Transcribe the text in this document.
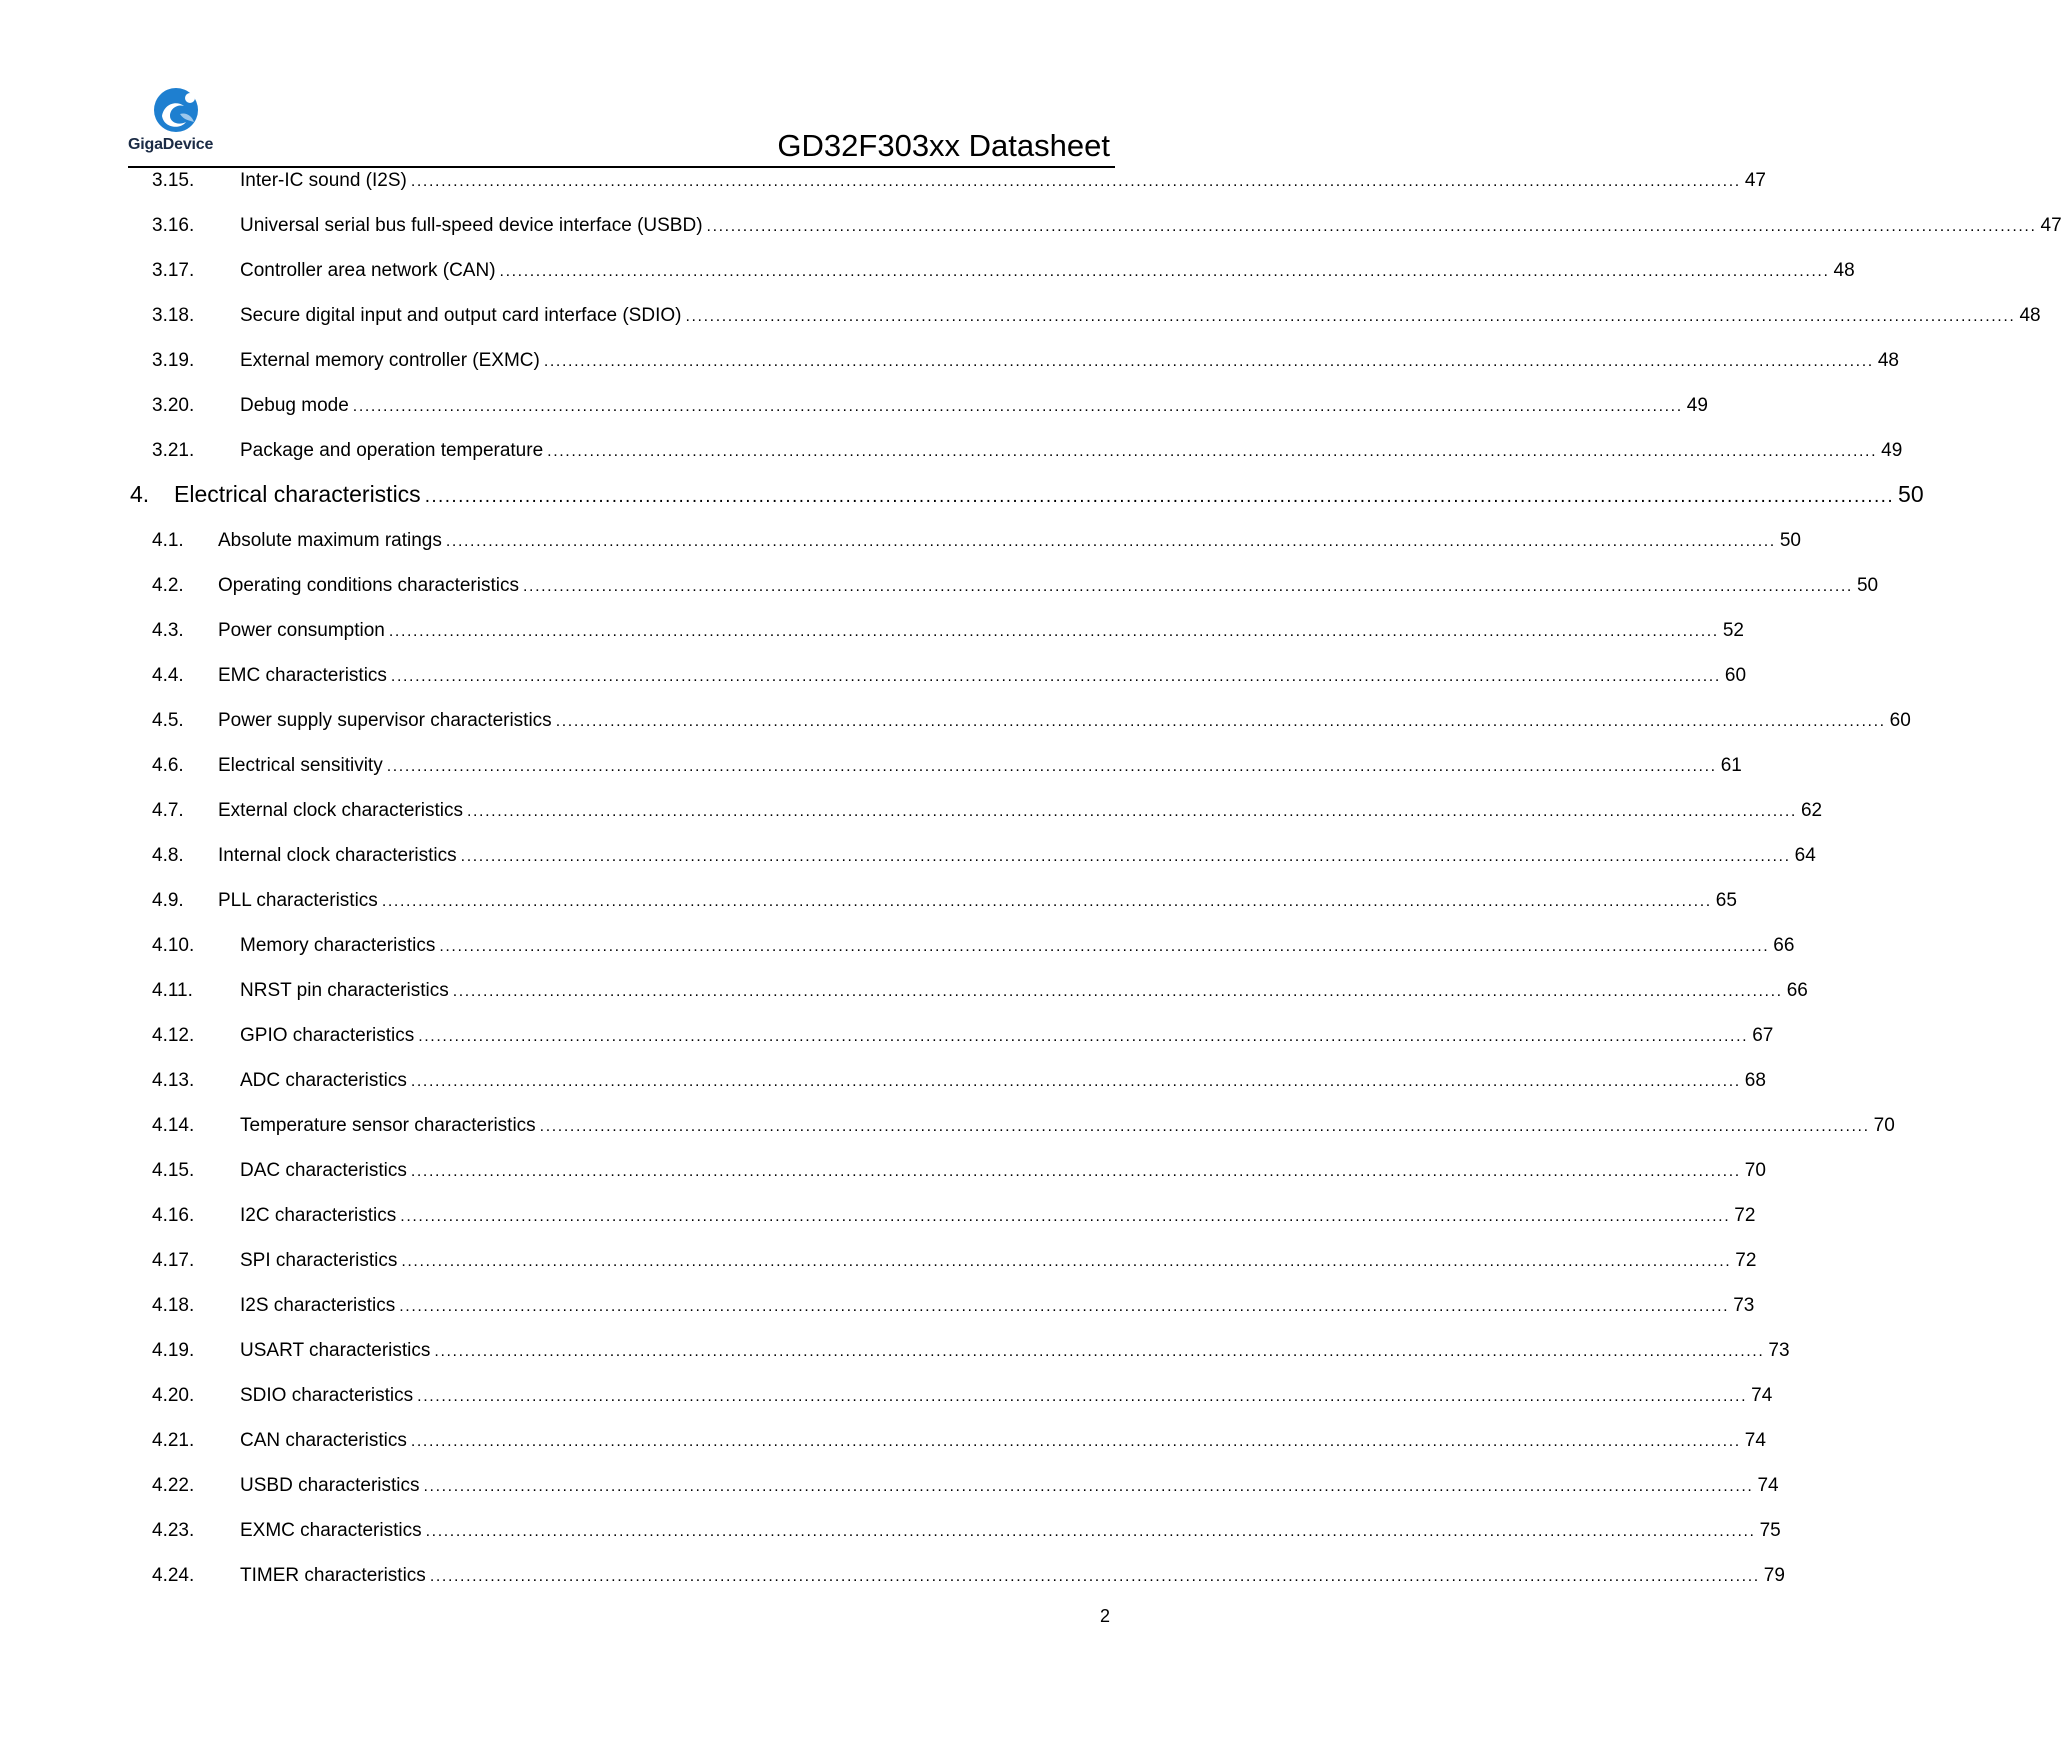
GigaDevice	GD32F303xx Datasheet
3.15.	Inter-IC sound (I2S) ............................................................................................................................................................................................................................ 47
3.16.	Universal serial bus full-speed device interface (USBD) ............................................................................................................................................................................................................................ 47
3.17.	Controller area network (CAN) ............................................................................................................................................................................................................................ 48
3.18.	Secure digital input and output card interface (SDIO) ............................................................................................................................................................................................................................ 48
3.19.	External memory controller (EXMC) ............................................................................................................................................................................................................................ 48
3.20.	Debug mode ............................................................................................................................................................................................................................ 49
3.21.	Package and operation temperature ............................................................................................................................................................................................................................ 49
4.	Electrical characteristics ............................................................................................................................................................................................................................ 50
4.1.	Absolute maximum ratings ............................................................................................................................................................................................................................ 50
4.2.	Operating conditions characteristics ............................................................................................................................................................................................................................ 50
4.3.	Power consumption ............................................................................................................................................................................................................................ 52
4.4.	EMC characteristics ............................................................................................................................................................................................................................ 60
4.5.	Power supply supervisor characteristics ............................................................................................................................................................................................................................ 60
4.6.	Electrical sensitivity ............................................................................................................................................................................................................................ 61
4.7.	External clock characteristics ............................................................................................................................................................................................................................ 62
4.8.	Internal clock characteristics ............................................................................................................................................................................................................................ 64
4.9.	PLL characteristics ............................................................................................................................................................................................................................ 65
4.10.	Memory characteristics ............................................................................................................................................................................................................................ 66
4.11.	NRST pin characteristics ............................................................................................................................................................................................................................ 66
4.12.	GPIO characteristics ............................................................................................................................................................................................................................ 67
4.13.	ADC characteristics ............................................................................................................................................................................................................................ 68
4.14.	Temperature sensor characteristics ............................................................................................................................................................................................................................ 70
4.15.	DAC characteristics ............................................................................................................................................................................................................................ 70
4.16.	I2C characteristics ............................................................................................................................................................................................................................ 72
4.17.	SPI characteristics ............................................................................................................................................................................................................................ 72
4.18.	I2S characteristics ............................................................................................................................................................................................................................ 73
4.19.	USART characteristics ............................................................................................................................................................................................................................ 73
4.20.	SDIO characteristics ............................................................................................................................................................................................................................ 74
4.21.	CAN characteristics ............................................................................................................................................................................................................................ 74
4.22.	USBD characteristics ............................................................................................................................................................................................................................ 74
4.23.	EXMC characteristics ............................................................................................................................................................................................................................ 75
4.24.	TIMER characteristics ............................................................................................................................................................................................................................ 79
2
